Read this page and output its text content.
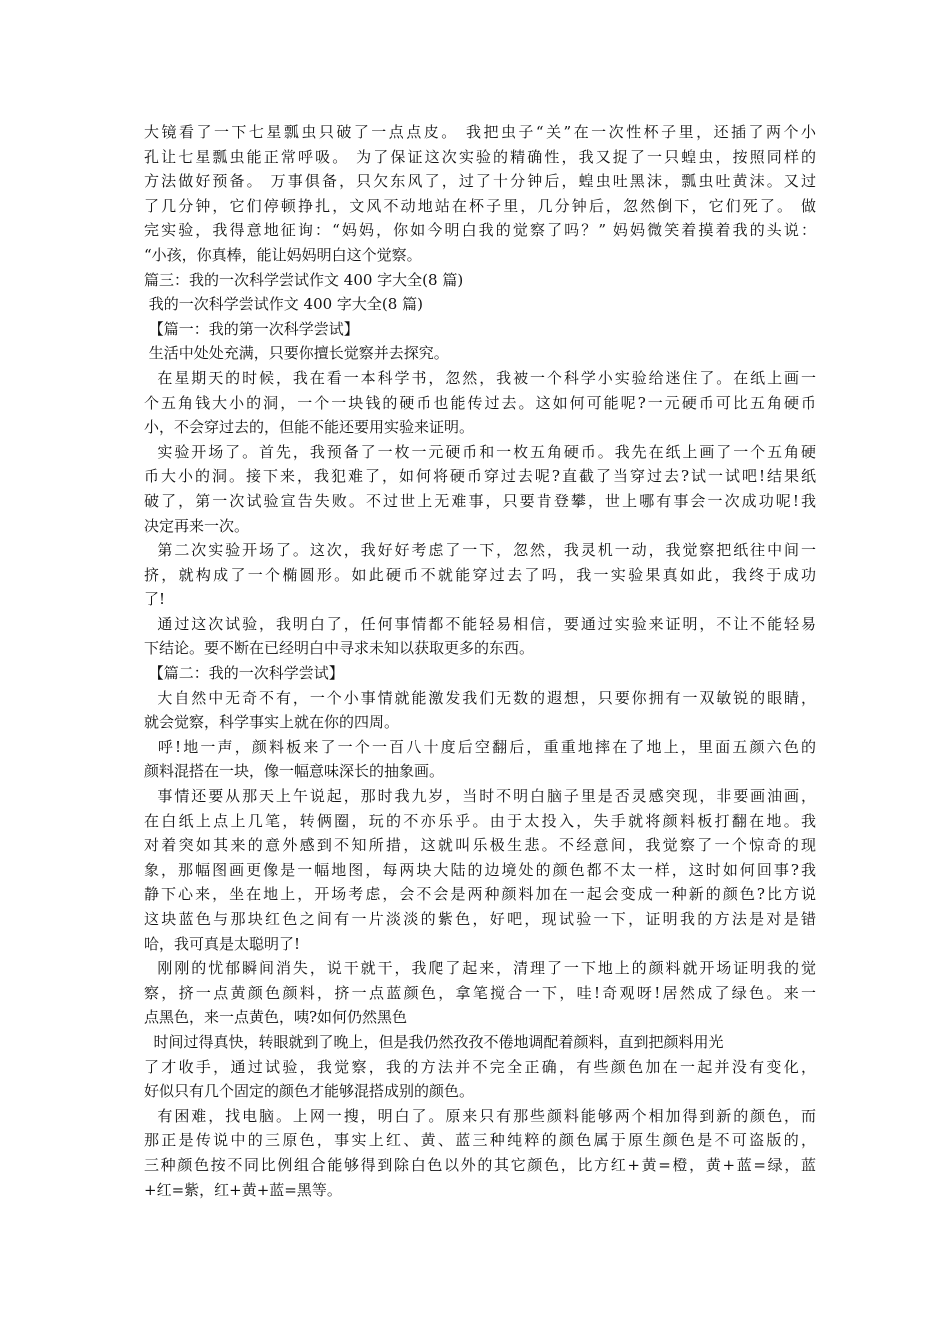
大镜看了一下七星瓢虫只破了一点点皮。 我把虫子“关”在一次性杯子里，还插了两个小
孔让七星瓢虫能正常呼吸。 为了保证这次实验的精确性，我又捉了一只蝗虫，按照同样的
方法做好预备。 万事俱备，只欠东风了，过了十分钟后，蝗虫吐黑沫，瓢虫吐黄沫。又过
了几分钟，它们停顿挣扎，文风不动地站在杯子里，几分钟后，忽然倒下，它们死了。 做
完实验，我得意地征询：“妈妈，你如今明白我的觉察了吗？” 妈妈微笑着摸着我的头说：
“小孩，你真棒，能让妈妈明白这个觉察。
篇三：我的一次科学尝试作文 400 字大全(8 篇)
我的一次科学尝试作文 400 字大全(8 篇)
【篇一：我的第一次科学尝试】
生活中处处充满，只要你擅长觉察并去探究。
在星期天的时候，我在看一本科学书，忽然，我被一个科学小实验给迷住了。在纸上画一
个五角钱大小的洞，一个一块钱的硬币也能传过去。这如何可能呢?一元硬币可比五角硬币
小，不会穿过去的，但能不能还要用实验来证明。
实验开场了。首先，我预备了一枚一元硬币和一枚五角硬币。我先在纸上画了一个五角硬
币大小的洞。接下来，我犯难了，如何将硬币穿过去呢?直截了当穿过去?试一试吧!结果纸
破了，第一次试验宣告失败。不过世上无难事，只要肯登攀，世上哪有事会一次成功呢!我
决定再来一次。
第二次实验开场了。这次，我好好考虑了一下，忽然，我灵机一动，我觉察把纸往中间一
挤，就构成了一个椭圆形。如此硬币不就能穿过去了吗，我一实验果真如此，我终于成功
了!
通过这次试验，我明白了，任何事情都不能轻易相信，要通过实验来证明，不让不能轻易
下结论。要不断在已经明白中寻求未知以获取更多的东西。
【篇二：我的一次科学尝试】
大自然中无奇不有，一个小事情就能激发我们无数的遐想，只要你拥有一双敏锐的眼睛，
就会觉察，科学事实上就在你的四周。
呼!地一声，颜料板来了一个一百八十度后空翻后，重重地摔在了地上，里面五颜六色的
颜料混搭在一块，像一幅意味深长的抽象画。
事情还要从那天上午说起，那时我九岁，当时不明白脑子里是否灵感突现，非要画油画，
在白纸上点上几笔，转俩圈，玩的不亦乐乎。由于太投入，失手就将颜料板打翻在地。我
对着突如其来的意外感到不知所措，这就叫乐极生悲。不经意间，我觉察了一个惊奇的现
象，那幅图画更像是一幅地图，每两块大陆的边境处的颜色都不太一样，这时如何回事?我
静下心来，坐在地上，开场考虑，会不会是两种颜料加在一起会变成一种新的颜色?比方说
这块蓝色与那块红色之间有一片淡淡的紫色，好吧，现试验一下，证明我的方法是对是错
哈，我可真是太聪明了!
刚刚的忧郁瞬间消失，说干就干，我爬了起来，清理了一下地上的颜料就开场证明我的觉
察，挤一点黄颜色颜料，挤一点蓝颜色，拿笔搅合一下，哇!奇观呀!居然成了绿色。来一
点黑色，来一点黄色，咦?如何仍然黑色
时间过得真快，转眼就到了晚上，但是我仍然孜孜不倦地调配着颜料，直到把颜料用光
了才收手，通过试验，我觉察，我的方法并不完全正确，有些颜色加在一起并没有变化，
好似只有几个固定的颜色才能够混搭成别的颜色。
有困难，找电脑。上网一搜，明白了。原来只有那些颜料能够两个相加得到新的颜色，而
那正是传说中的三原色，事实上红、黄、蓝三种纯粹的颜色属于原生颜色是不可盗版的，
三种颜色按不同比例组合能够得到除白色以外的其它颜色，比方红+黄=橙，黄+蓝=绿，蓝
+红=紫，红+黄+蓝=黑等。
